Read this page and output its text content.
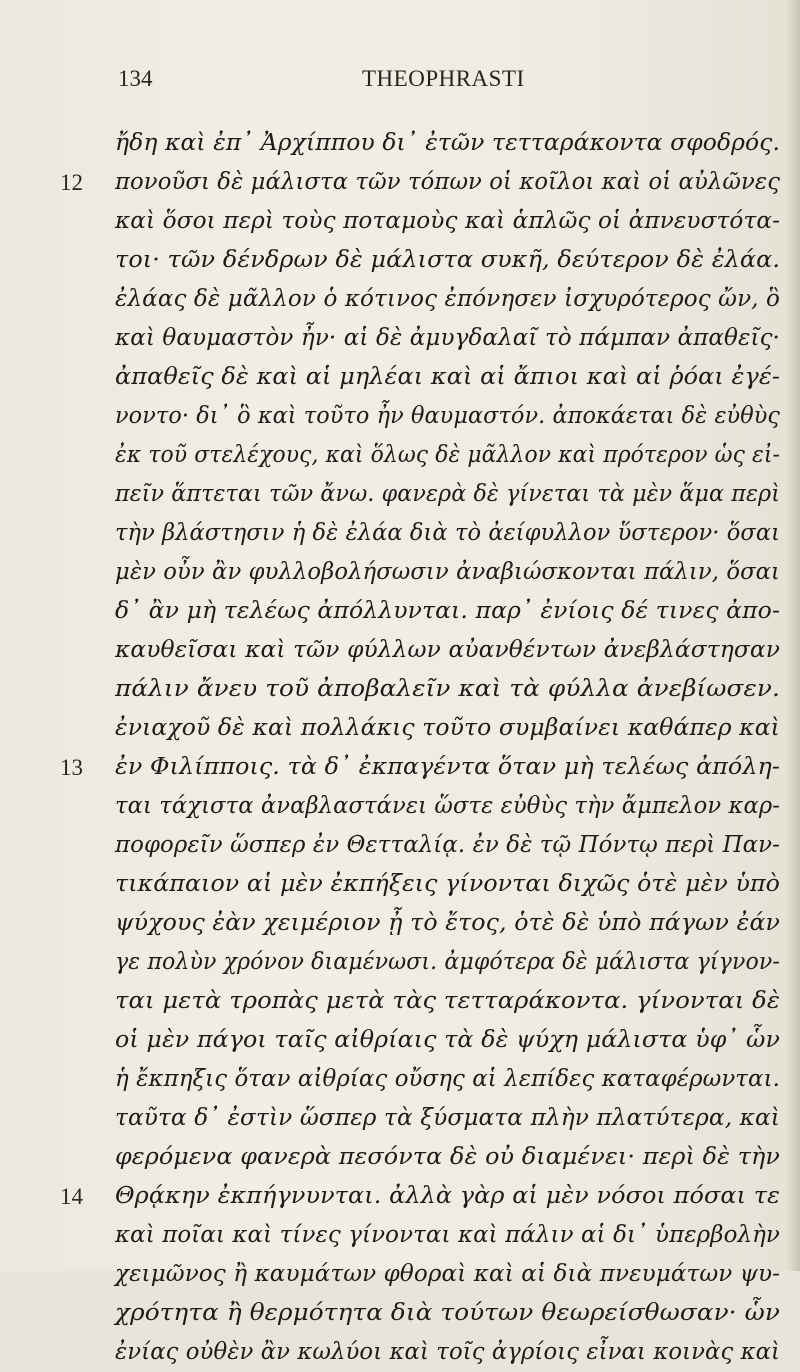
134	THEOPHRASTI
ἤδη καὶ ἐπ᾽ Ἀρχίππου δι᾽ ἐτῶν τετταράκοντα σφοδρός.
12	πονοῦσι δὲ μάλιστα τῶν τόπων οἱ κοῖλοι καὶ οἱ αὐλῶνες
καὶ ὅσοι περὶ τοὺς ποταμοὺς καὶ ἁπλῶς οἱ ἀπνευστότα-
τοι· τῶν δένδρων δὲ μάλιστα συκῆ, δεύτερον δὲ ἐλάα.
ἐλάας δὲ μᾶλλον ὁ κότινος ἐπόνησεν ἰσχυρότερος ὤν, ὃ
καὶ θαυμαστὸν ἦν· αἱ δὲ ἀμυγδαλαῖ τὸ πάμπαν ἀπαθεῖς·
ἀπαθεῖς δὲ καὶ αἱ μηλέαι καὶ αἱ ἄπιοι καὶ αἱ ῥόαι ἐγέ-
νοντο· δι᾽ ὃ καὶ τοῦτο ἦν θαυμαστόν. ἀποκάεται δὲ εὐθὺς
ἐκ τοῦ στελέχους, καὶ ὅλως δὲ μᾶλλον καὶ πρότερον ὡς εἰ-
πεῖν ἅπτεται τῶν ἄνω. φανερὰ δὲ γίνεται τὰ μὲν ἅμα περὶ
τὴν βλάστησιν ἡ δὲ ἐλάα διὰ τὸ ἀείφυλλον ὕστερον· ὅσαι
μὲν οὖν ἂν φυλλοβολήσωσιν ἀναβιώσκονται πάλιν, ὅσαι
δ᾽ ἂν μὴ τελέως ἀπόλλυνται. παρ᾽ ἐνίοις δέ τινες ἀπο-
καυθεῖσαι καὶ τῶν φύλλων αὐανθέντων ἀνεβλάστησαν
πάλιν ἄνευ τοῦ ἀποβαλεῖν καὶ τὰ φύλλα ἀνεβίωσεν.
ἐνιαχοῦ δὲ καὶ πολλάκις τοῦτο συμβαίνει καθάπερ καὶ
13	ἐν Φιλίπποις. τὰ δ᾽ ἐκπαγέντα ὅταν μὴ τελέως ἀπόλη-
ται τάχιστα ἀναβλαστάνει ὥστε εὐθὺς τὴν ἄμπελον καρ-
ποφορεῖν ὥσπερ ἐν Θετταλίᾳ. ἐν δὲ τῷ Πόντῳ περὶ Παν-
τικάπαιον αἱ μὲν ἐκπήξεις γίνονται διχῶς ὁτὲ μὲν ὑπὸ
ψύχους ἐὰν χειμέριον ᾖ τὸ ἔτος, ὁτὲ δὲ ὑπὸ πάγων ἐάν
γε πολὺν χρόνον διαμένωσι. ἀμφότερα δὲ μάλιστα γίγνον-
ται μετὰ τροπὰς μετὰ τὰς τετταράκοντα. γίνονται δὲ
οἱ μὲν πάγοι ταῖς αἰθρίαις τὰ δὲ ψύχη μάλιστα ὑφ᾽ ὧν
ἡ ἔκπηξις ὅταν αἰθρίας οὔσης αἱ λεπίδες καταφέρωνται.
ταῦτα δ᾽ ἐστὶν ὥσπερ τὰ ξύσματα πλὴν πλατύτερα, καὶ
φερόμενα φανερὰ πεσόντα δὲ οὐ διαμένει· περὶ δὲ τὴν
14	Θρᾴκην ἐκπήγνυνται. ἀλλὰ γὰρ αἱ μὲν νόσοι πόσαι τε
καὶ ποῖαι καὶ τίνες γίνονται καὶ πάλιν αἱ δι᾽ ὑπερβολὴν
χειμῶνος ἢ καυμάτων φθοραὶ καὶ αἱ διὰ πνευμάτων ψυ-
χρότητα ἢ θερμότητα διὰ τούτων θεωρείσθωσαν· ὧν
ἐνίας οὐθὲν ἂν κωλύοι καὶ τοῖς ἀγρίοις εἶναι κοινὰς καὶ
